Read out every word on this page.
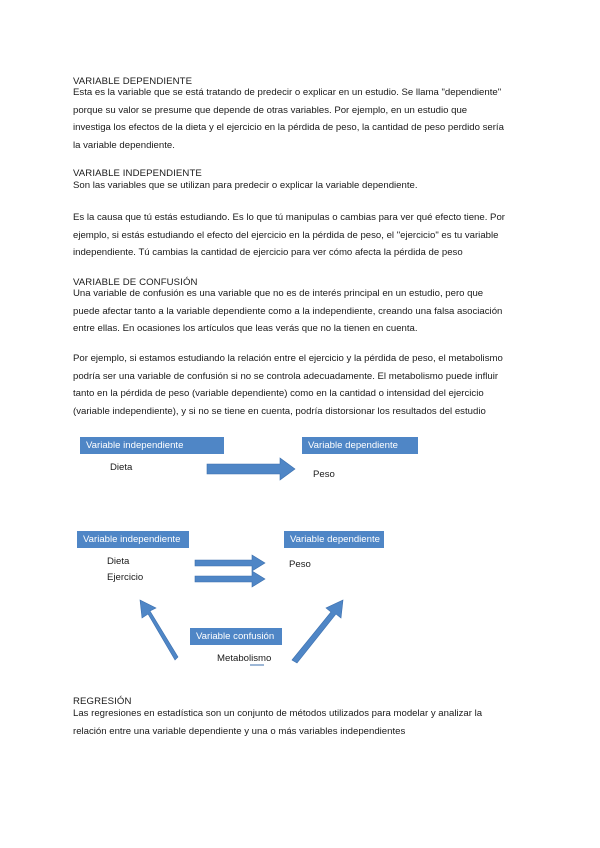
VARIABLE DEPENDIENTE
Esta es la variable que se está tratando de predecir o explicar en un estudio. Se llama "dependiente"
porque su valor se presume que depende de otras variables. Por ejemplo, en un estudio que
investiga los efectos de la dieta y el ejercicio en la pérdida de peso, la cantidad de peso perdido sería
la variable dependiente.
VARIABLE INDEPENDIENTE
Son las variables que se utilizan para predecir o explicar la variable dependiente.
Es la causa que tú estás estudiando. Es lo que tú manipulas o cambias para ver qué efecto tiene. Por
ejemplo, si estás estudiando el efecto del ejercicio en la pérdida de peso, el "ejercicio" es tu variable
independiente. Tú cambias la cantidad de ejercicio para ver cómo afecta la pérdida de peso
VARIABLE DE CONFUSIÓN
Una variable de confusión es una variable que no es de interés principal en un estudio, pero que
puede afectar tanto a la variable dependiente como a la independiente, creando una falsa asociación
entre ellas. En ocasiones los artículos que leas verás que no la tienen en cuenta.
Por ejemplo, si estamos estudiando la relación entre el ejercicio y la pérdida de peso, el metabolismo
podría ser una variable de confusión si no se controla adecuadamente. El metabolismo puede influir
tanto en la pérdida de peso (variable dependiente) como en la cantidad o intensidad del ejercicio
(variable independiente), y si no se tiene en cuenta, podría distorsionar los resultados del estudio
Variable independiente	Variable dependiente
Dieta
Peso
Variable independiente	Variable dependiente
Variable confusión
Dieta
Ejercicio
Peso
Metabolismo
REGRESIÓN
Las regresiones en estadística son un conjunto de métodos utilizados para modelar y analizar la
relación entre una variable dependiente y una o más variables independientes
